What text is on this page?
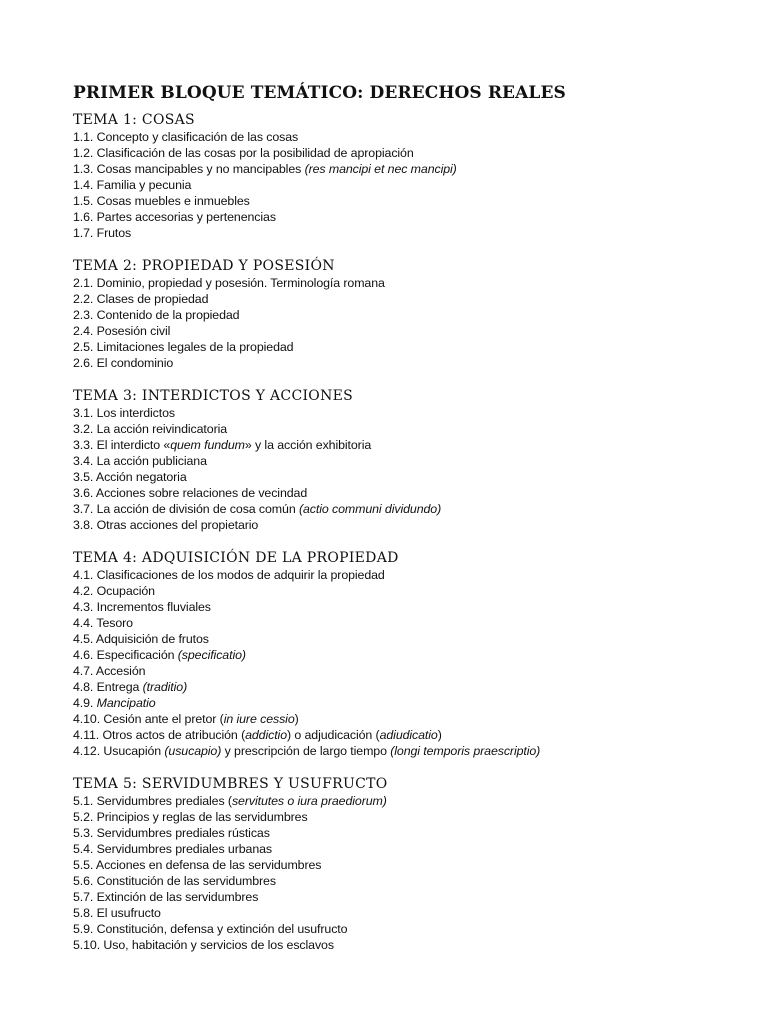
PRIMER BLOQUE TEMÁTICO: DERECHOS REALES
TEMA 1: COSAS
1.1. Concepto y clasificación de las cosas
1.2. Clasificación de las cosas por la posibilidad de apropiación
1.3. Cosas mancipables y no mancipables (res mancipi et nec mancipi)
1.4. Familia y pecunia
1.5. Cosas muebles e inmuebles
1.6. Partes accesorias y pertenencias
1.7. Frutos
TEMA 2: PROPIEDAD Y POSESIÓN
2.1. Dominio, propiedad y posesión. Terminología romana
2.2. Clases de propiedad
2.3. Contenido de la propiedad
2.4. Posesión civil
2.5. Limitaciones legales de la propiedad
2.6. El condominio
TEMA 3: INTERDICTOS Y ACCIONES
3.1. Los interdictos
3.2. La acción reivindicatoria
3.3. El interdicto «quem fundum» y la acción exhibitoria
3.4. La acción publiciana
3.5. Acción negatoria
3.6. Acciones sobre relaciones de vecindad
3.7. La acción de división de cosa común (actio communi dividundo)
3.8. Otras acciones del propietario
TEMA 4: ADQUISICIÓN DE LA PROPIEDAD
4.1. Clasificaciones de los modos de adquirir la propiedad
4.2. Ocupación
4.3. Incrementos fluviales
4.4. Tesoro
4.5. Adquisición de frutos
4.6. Especificación (specificatio)
4.7. Accesión
4.8. Entrega (traditio)
4.9. Mancipatio
4.10. Cesión ante el pretor (in iure cessio)
4.11. Otros actos de atribución (addictio) o adjudicación (adiudicatio)
4.12. Usucapión (usucapio) y prescripción de largo tiempo (longi temporis praescriptio)
TEMA 5: SERVIDUMBRES Y USUFRUCTO
5.1. Servidumbres prediales (servitutes o iura praediorum)
5.2. Principios y reglas de las servidumbres
5.3. Servidumbres prediales rústicas
5.4. Servidumbres prediales urbanas
5.5. Acciones en defensa de las servidumbres
5.6. Constitución de las servidumbres
5.7. Extinción de las servidumbres
5.8. El usufructo
5.9. Constitución, defensa y extinción del usufructo
5.10. Uso, habitación y servicios de los esclavos
